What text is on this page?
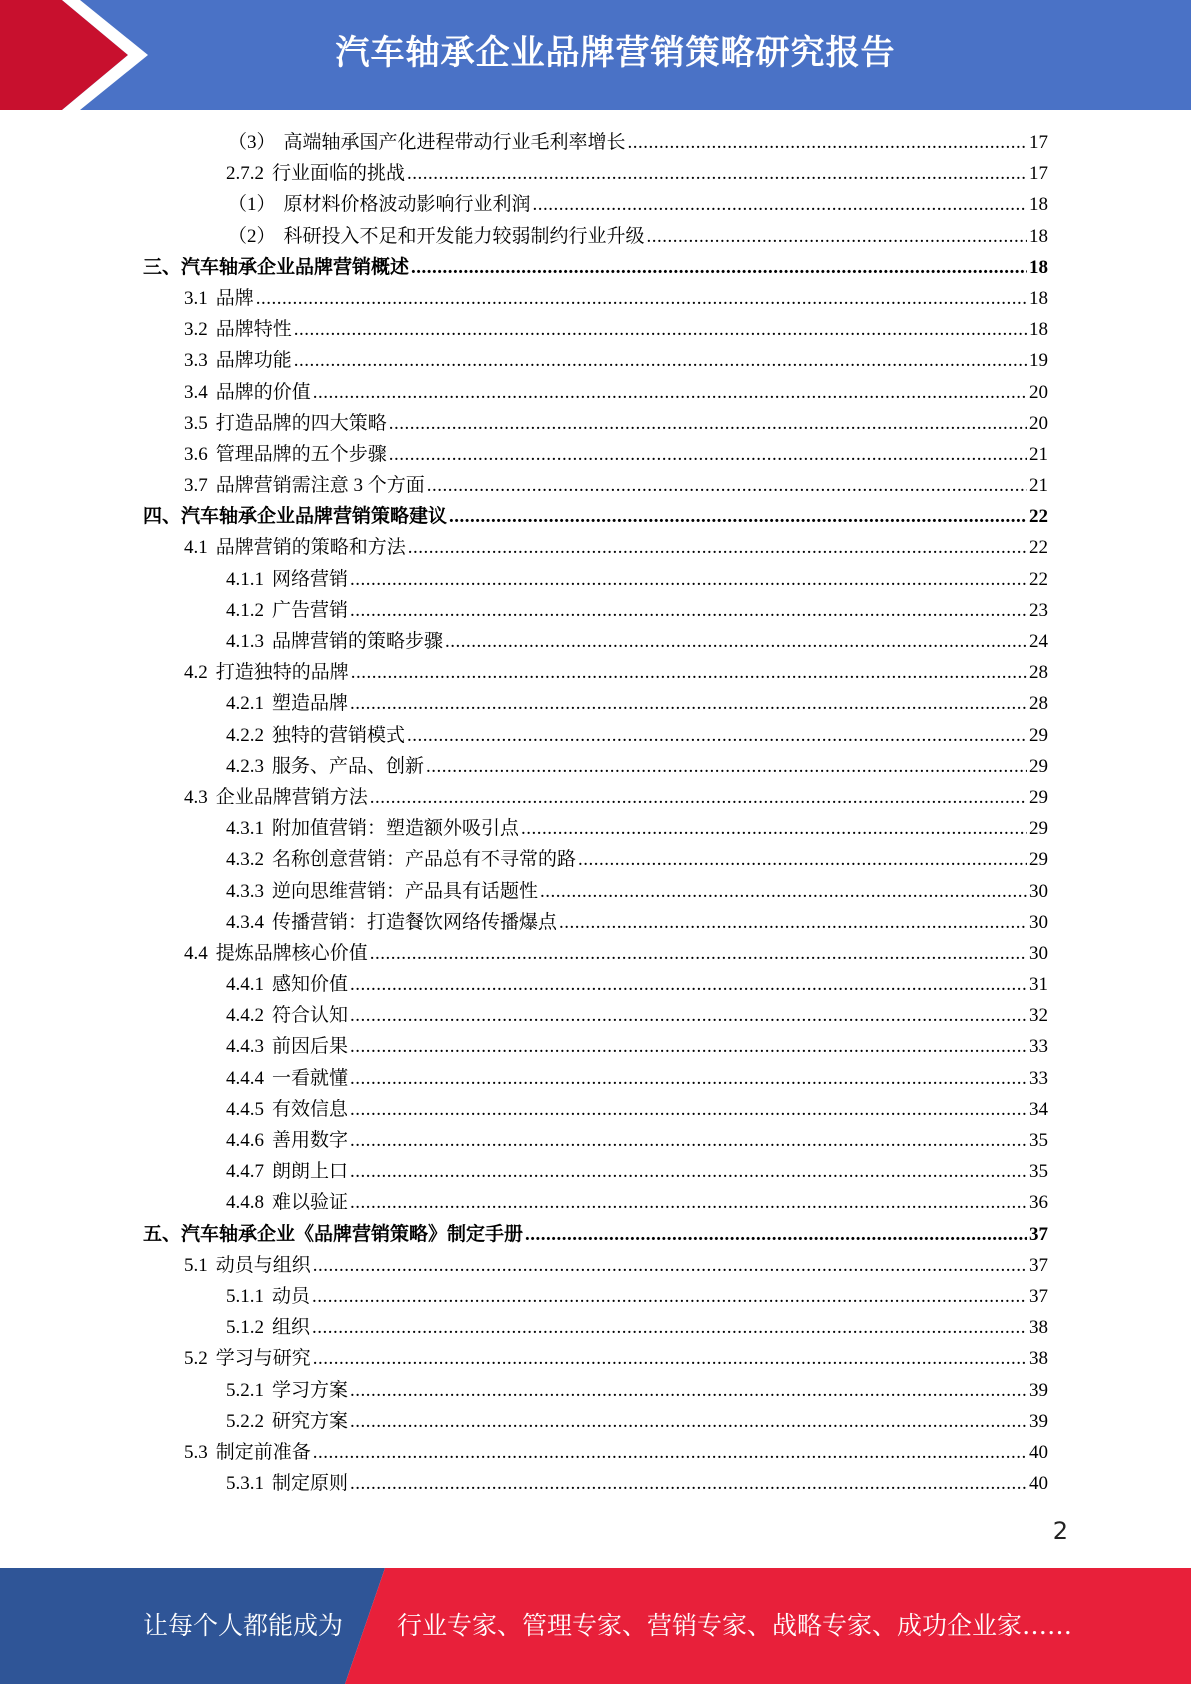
汽车轴承企业品牌营销策略研究报告
（3） 高端轴承国产化进程带动行业毛利率增长 .....	17
2.7.2 行业面临的挑战 .....	17
（1） 原材料价格波动影响行业利润 .....	18
（2） 科研投入不足和开发能力较弱制约行业升级 .....	18
三、汽车轴承企业品牌营销概述 .....	18
3.1 品牌 .....	18
3.2 品牌特性 .....	18
3.3 品牌功能 .....	19
3.4 品牌的价值 .....	20
3.5 打造品牌的四大策略 .....	20
3.6 管理品牌的五个步骤 .....	21
3.7 品牌营销需注意 3 个方面 .....	21
四、汽车轴承企业品牌营销策略建议 .....	22
4.1 品牌营销的策略和方法 .....	22
4.1.1 网络营销 .....	22
4.1.2 广告营销 .....	23
4.1.3 品牌营销的策略步骤 .....	24
4.2 打造独特的品牌 .....	28
4.2.1 塑造品牌 .....	28
4.2.2 独特的营销模式 .....	29
4.2.3 服务、产品、创新 .....	29
4.3 企业品牌营销方法 .....	29
4.3.1 附加值营销：塑造额外吸引点 .....	29
4.3.2 名称创意营销：产品总有不寻常的路 .....	29
4.3.3 逆向思维营销：产品具有话题性 .....	30
4.3.4 传播营销：打造餐饮网络传播爆点 .....	30
4.4 提炼品牌核心价值 .....	30
4.4.1 感知价值 .....	31
4.4.2 符合认知 .....	32
4.4.3 前因后果 .....	33
4.4.4 一看就懂 .....	33
4.4.5 有效信息 .....	34
4.4.6 善用数字 .....	35
4.4.7 朗朗上口 .....	35
4.4.8 难以验证 .....	36
五、汽车轴承企业《品牌营销策略》制定手册 .....	37
5.1 动员与组织 .....	37
5.1.1 动员 .....	37
5.1.2 组织 .....	38
5.2 学习与研究 .....	38
5.2.1 学习方案 .....	39
5.2.2 研究方案 .....	39
5.3 制定前准备 .....	40
5.3.1 制定原则 .....	40
2
让每个人都能成为 行业专家、管理专家、营销专家、战略专家、成功企业家……
